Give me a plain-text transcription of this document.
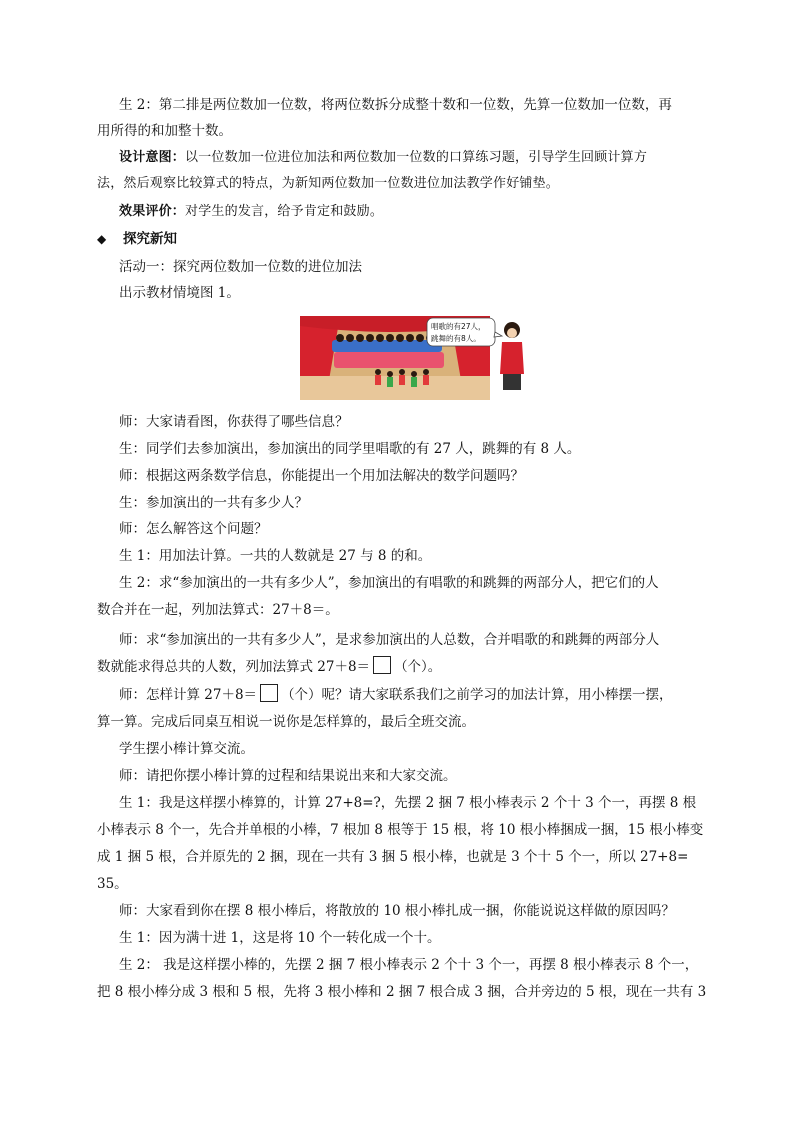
生 2：第二排是两位数加一位数，将两位数拆分成整十数和一位数，先算一位数加一位数，再
用所得的和加整十数。
设计意图：以一位数加一位进位加法和两位数加一位数的口算练习题，引导学生回顾计算方
法，然后观察比较算式的特点，为新知两位数加一位数进位加法教学作好铺垫。
效果评价：对学生的发言，给予肯定和鼓励。
◆ 探究新知
活动一：探究两位数加一位数的进位加法
出示教材情境图 1。
唱歌的有27人，
跳舞的有8人。
师：大家请看图，你获得了哪些信息？
生：同学们去参加演出，参加演出的同学里唱歌的有 27 人，跳舞的有 8 人。
师：根据这两条数学信息，你能提出一个用加法解决的数学问题吗？
生：参加演出的一共有多少人？
师：怎么解答这个问题？
生 1：用加法计算。一共的人数就是 27 与 8 的和。
生 2：求“参加演出的一共有多少人”，参加演出的有唱歌的和跳舞的两部分人，把它们的人
数合并在一起，列加法算式：27＋8＝。
师：求“参加演出的一共有多少人”，是求参加演出的人总数，合并唱歌的和跳舞的两部分人
数就能求得总共的人数，列加法算式 27＋8＝ （个）。
师：怎样计算 27＋8＝ （个）呢？请大家联系我们之前学习的加法计算，用小棒摆一摆，
算一算。完成后同桌互相说一说你是怎样算的，最后全班交流。
学生摆小棒计算交流。
师：请把你摆小棒计算的过程和结果说出来和大家交流。
生 1：我是这样摆小棒算的，计算 27+8=?，先摆 2 捆 7 根小棒表示 2 个十 3 个一，再摆 8 根
小棒表示 8 个一，先合并单根的小棒，7 根加 8 根等于 15 根，将 10 根小棒捆成一捆，15 根小棒变
成 1 捆 5 根，合并原先的 2 捆，现在一共有 3 捆 5 根小棒，也就是 3 个十 5 个一，所以 27+8=
35。
师：大家看到你在摆 8 根小棒后，将散放的 10 根小棒扎成一捆，你能说说这样做的原因吗？
生 1：因为满十进 1，这是将 10 个一转化成一个十。
生 2： 我是这样摆小棒的，先摆 2 捆 7 根小棒表示 2 个十 3 个一，再摆 8 根小棒表示 8 个一，
把 8 根小棒分成 3 根和 5 根，先将 3 根小棒和 2 捆 7 根合成 3 捆，合并旁边的 5 根，现在一共有 3
